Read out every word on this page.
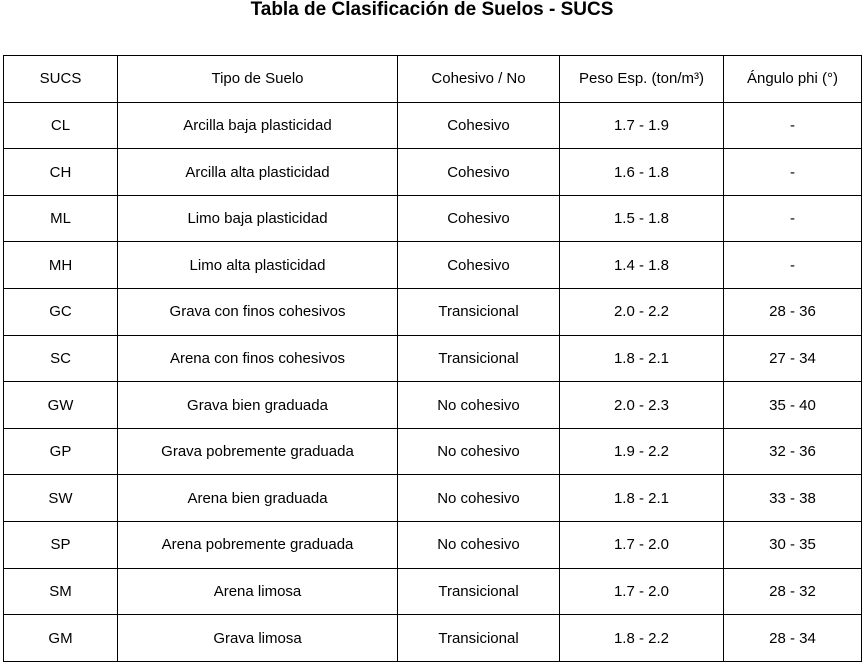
Tabla de Clasificación de Suelos - SUCS
SUCS	Tipo de Suelo	Cohesivo / No	Peso Esp. (ton/m³)	Ángulo phi (°)
CL	Arcilla baja plasticidad	Cohesivo	1.7 - 1.9	-
CH	Arcilla alta plasticidad	Cohesivo	1.6 - 1.8	-
ML	Limo baja plasticidad	Cohesivo	1.5 - 1.8	-
MH	Limo alta plasticidad	Cohesivo	1.4 - 1.8	-
GC	Grava con finos cohesivos	Transicional	2.0 - 2.2	28 - 36
SC	Arena con finos cohesivos	Transicional	1.8 - 2.1	27 - 34
GW	Grava bien graduada	No cohesivo	2.0 - 2.3	35 - 40
GP	Grava pobremente graduada	No cohesivo	1.9 - 2.2	32 - 36
SW	Arena bien graduada	No cohesivo	1.8 - 2.1	33 - 38
SP	Arena pobremente graduada	No cohesivo	1.7 - 2.0	30 - 35
SM	Arena limosa	Transicional	1.7 - 2.0	28 - 32
GM	Grava limosa	Transicional	1.8 - 2.2	28 - 34
